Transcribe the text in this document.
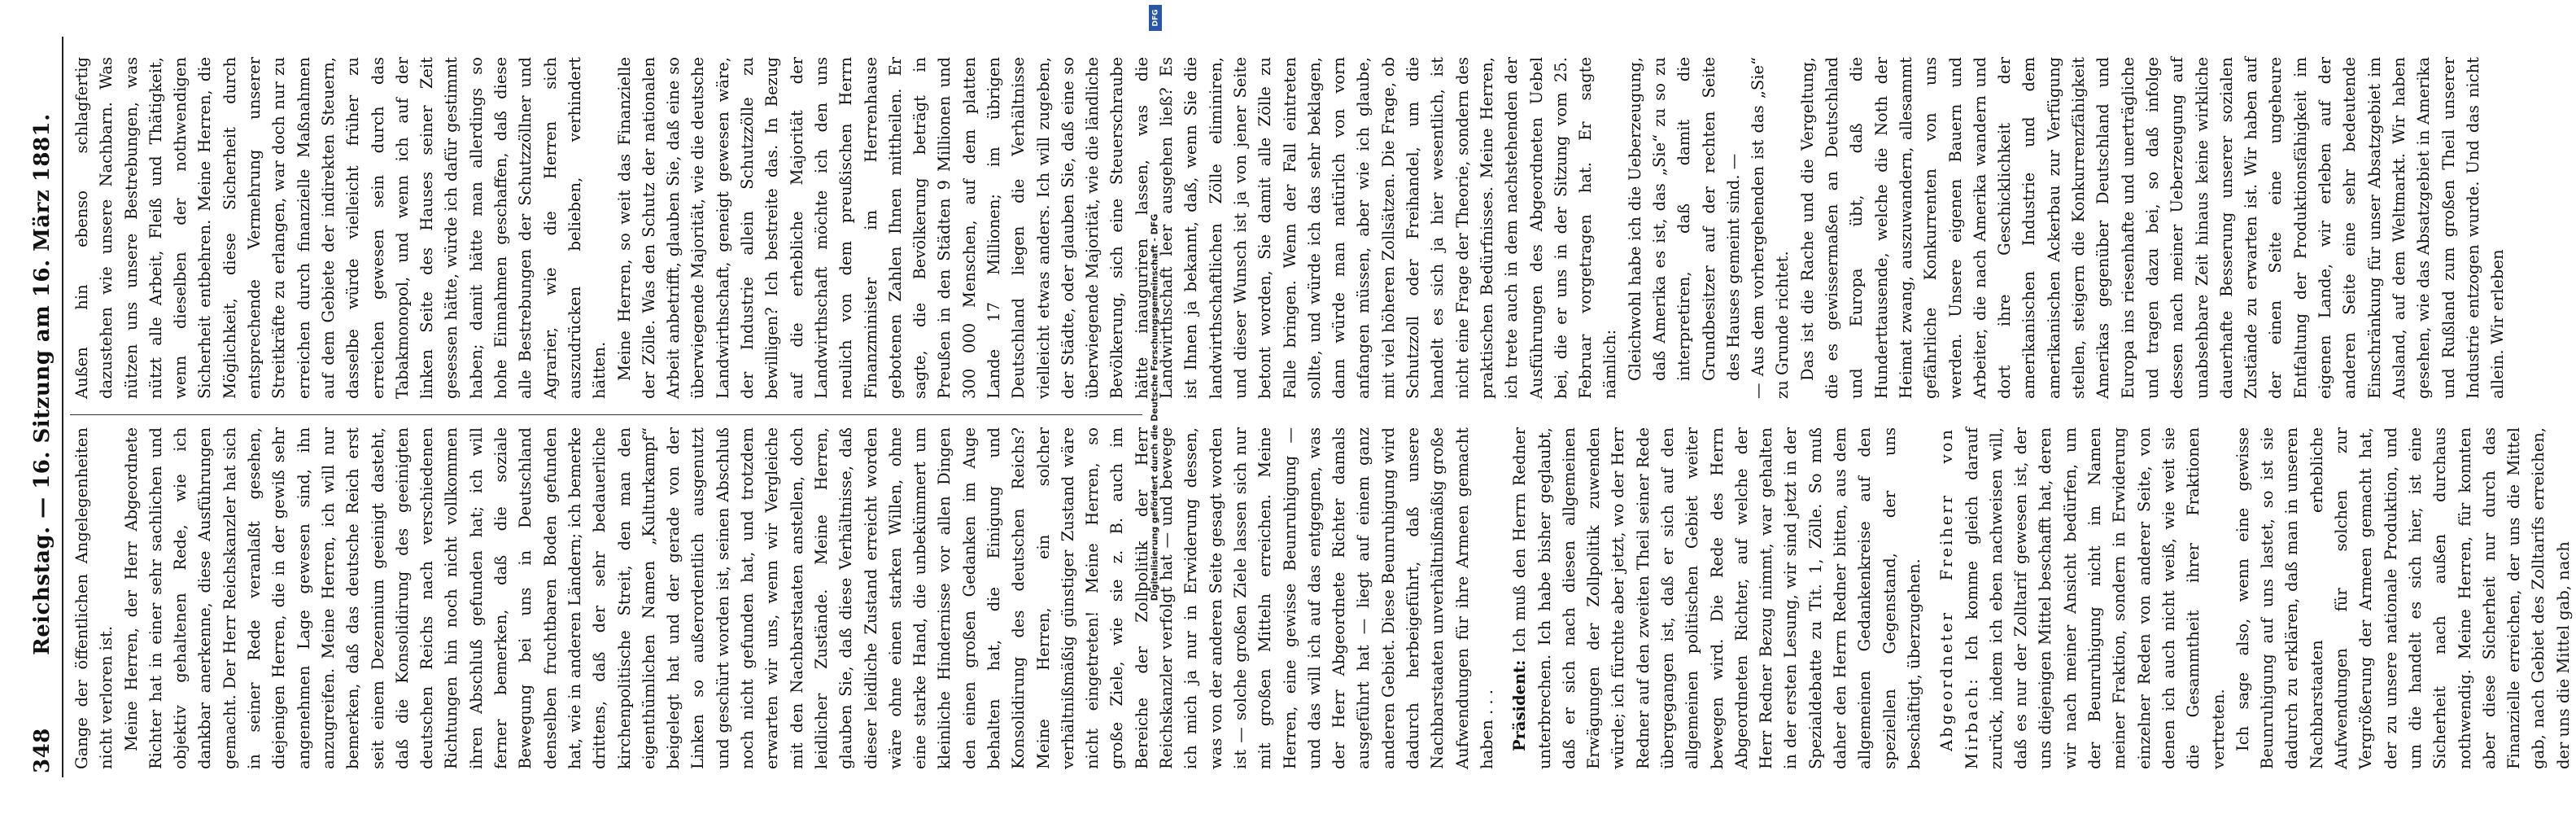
348
Reichstag. — 16. Sitzung am 16. März 1881. Gange der öffentlichen Angelegenheiten nicht verloren ist. Meine Herren, der Herr Abgeordnete Richter hat in einer sehr sachlichen und objektiv gehaltenen Rede, wie ich dankbar anerkenne, diese Ausführungen gemacht. Der Herr Reichskanzler hat sich in seiner Rede veranlaßt gesehen, diejenigen Herren, die in der gewiß sehr angenehmen Lage gewesen sind, ihn anzugreifen. Meine Herren, ich will nur bemerken, daß das deutsche Reich erst seit einem Dezennium geeinigt dasteht, daß die Konsolidirung des geeinigten deutschen Reichs nach verschiedenen Richtungen hin noch nicht vollkommen ihren Abschluß gefunden hat; ich will ferner bemerken, daß die soziale Bewegung bei uns in Deutschland denselben fruchtbaren Boden gefunden hat, wie in anderen Ländern; ich bemerke drittens, daß der sehr bedauerliche kirchenpolitische Streit, den man den eigenthümlichen Namen „Kulturkampf“ beigelegt hat und der gerade von der Linken so außerordentlich ausgenutzt und geschürt worden ist, seinen Abschluß noch nicht gefunden hat, und trotzdem erwarten wir uns, wenn wir Vergleiche mit den Nachbarstaaten anstellen, doch leidlicher Zustände. Meine Herren, glauben Sie, daß diese Verhältnisse, daß dieser leidliche Zustand erreicht worden wäre ohne einen starken Willen, ohne eine starke Hand, die unbekümmert um kleinliche Hindernisse vor allen Dingen den einen großen Gedanken im Auge behalten hat, die Einigung und Konsolidirung des deutschen Reichs? Meine Herren, ein solcher verhältnißmäßig günstiger Zustand wäre nicht eingetreten! Meine Herren, so große Ziele, wie sie z. B. auch im Bereiche der Zollpolitik der Herr Reichskanzler verfolgt hat — und bewege ich mich ja nur in Erwiderung dessen, was von der anderen Seite gesagt worden ist — solche großen Ziele lassen sich nur mit großen Mitteln erreichen. Meine Herren, eine gewisse Beunruhigung — und das will ich auf das entgegnen, was der Herr Abgeordnete Richter damals ausgeführt hat — liegt auf einem ganz anderen Gebiet. Diese Beunruhigung wird dadurch herbeigeführt, daß unsere Nachbarstaaten unverhältnißmäßig große Aufwendungen für ihre Armeen gemacht haben . . . Präsident: Ich muß den Herrn Redner unterbrechen. Ich habe bisher geglaubt, daß er sich nach diesen allgemeinen Erwägungen der Zollpolitik zuwenden würde; ich fürchte aber jetzt, wo der Herr Redner auf den zweiten Theil seiner Rede übergegangen ist, daß er sich auf den allgemeinen politischen Gebiet weiter bewegen wird. Die Rede des Herrn Abgeordneten Richter, auf welche der Herr Redner Bezug nimmt, war gehalten in der ersten Lesung, wir sind jetzt in der Spezialdebatte zu Tit. 1, Zölle. So muß daher den Herrn Redner bitten, aus dem allgemeinen Gedankenkreise auf den speziellen Gegenstand, der uns beschäftigt, überzugehen. Abgeordneter Freiherr von Mirbach: Ich komme gleich darauf zurück, indem ich eben nachweisen will, daß es nur der Zolltarif gewesen ist, der uns diejenigen Mittel beschafft hat, deren wir nach meiner Ansicht bedürfen, um der Beunruhigung nicht im Namen meiner Fraktion, sondern in Erwiderung einzelner Reden von anderer Seite, von denen ich auch nicht weiß, wie weit sie die Gesammtheit ihrer Fraktionen vertreten. Ich sage also, wenn eine gewisse Beunruhigung auf uns lastet, so ist sie dadurch zu erklären, daß man in unseren Nachbarstaaten erhebliche Aufwendungen für solchen zur Vergrößerung der Armeen gemacht hat, der zu unsere nationale Produktion, und um die handelt es sich hier, ist eine Sicherheit nach außen durchaus nothwendig. Meine Herren, für konnten aber diese Sicherheit nur durch das Finanzielle erreichen, der uns die Mittel gab, nach Gebiet des Zolltarifs erreichen, der uns die Mittel gab, nach

Außen hin ebenso schlagfertig dazustehen wie unsere Nachbarn. Was nützen uns unsere Bestrebungen, was nützt alle Arbeit, Fleiß und Thätigkeit, wenn dieselben der nothwendigen Sicherheit entbehren. Meine Herren, die Möglichkeit, diese Sicherheit durch entsprechende Vermehrung unserer Streitkräfte zu erlangen, war doch nur zu erreichen durch finanzielle Maßnahmen auf dem Gebiete der indirekten Steuern, dasselbe würde vielleicht früher zu erreichen gewesen sein durch das Tabakmonopol, und wenn ich auf der linken Seite des Hauses seiner Zeit gesessen hätte, würde ich dafür gestimmt haben; damit hätte man allerdings so hohe Einnahmen geschaffen, daß diese alle Bestrebungen der Schutzzöllner und Agrarier, wie die Herren sich auszudrücken belieben, verhindert hätten. Meine Herren, so weit das Finanzielle der Zölle. Was den Schutz der nationalen Arbeit anbetrifft, glauben Sie, daß eine so überwiegende Majorität, wie die deutsche Landwirthschaft, geneigt gewesen wäre, der Industrie allein Schutzzölle zu bewilligen? Ich bestreite das. In Bezug auf die erhebliche Majorität der Landwirthschaft möchte ich den uns neulich von dem preußischen Herrn Finanzminister im Herrenhause gebotenen Zahlen Ihnen mittheilen. Er sagte, die Bevölkerung beträgt in Preußen in den Städten 9 Millionen und 300 000 Menschen, auf dem platten Lande 17 Millionen; im übrigen Deutschland liegen die Verhältnisse vielleicht etwas anders. Ich will zugeben, der Städte, oder glauben Sie, daß eine so überwiegende Majorität, wie die ländliche Bevölkerung, sich eine Steuerschraube hätte inauguriren lassen, was die Landwirthschaft leer ausgehen ließ? Es ist Ihnen ja bekannt, daß, wenn Sie die landwirthschaftlichen Zölle eliminiren, und dieser Wunsch ist ja von jener Seite betont worden, Sie damit alle Zölle zu Falle bringen. Wenn der Fall eintreten sollte, und würde ich das sehr beklagen, dann würde man natürlich von vorn anfangen müssen, aber wie ich glaube, mit viel höheren Zollsätzen. Die Frage, ob Schutzzoll oder Freihandel, um die handelt es sich ja hier wesentlich, ist nicht eine Frage der Theorie, sondern des praktischen Bedürfnisses. Meine Herren, ich trete auch in dem nachstehenden der Ausführungen des Abgeordneten Uebel bei, die er uns in der Sitzung vom 25. Februar vorgetragen hat. Er sagte nämlich: Gleichwohl habe ich die Ueberzeugung, daß Amerika es ist, das „Sie“ zu so zu interpretiren, daß damit die Grundbesitzer auf der rechten Seite des Hauses gemeint sind. — — Aus dem vorhergehenden ist das „Sie“ zu Grunde richtet. Das ist die Rache und die Vergeltung, die es gewissermaßen an Deutschland und Europa übt, daß die Hunderttausende, welche die Noth der Heimat zwang, auszuwandern, allesammt gefährliche Konkurrenten von uns werden. Unsere eigenen Bauern und Arbeiter, die nach Amerika wandern und dort ihre Geschicklichkeit der amerikanischen Industrie und dem amerikanischen Ackerbau zur Verfügung stellen, steigern die Konkurrenzfähigkeit Amerikas gegenüber Deutschland und Europa ins riesenhafte und unerträgliche und tragen dazu bei, so daß infolge dessen nach meiner Ueberzeugung auf unabsehbare Zeit hinaus keine wirkliche dauerhafte Besserung unserer sozialen Zustände zu erwarten ist. Wir haben auf der einen Seite eine ungeheure Entfaltung der Produktionsfähigkeit im eigenen Lande, wir erleben auf der anderen Seite eine sehr bedeutende Einschränkung für unser Absatzgebiet im Ausland, auf dem Weltmarkt. Wir haben gesehen, wie das Absatzgebiet in Amerika und Rußland zum großen Theil unserer Industrie entzogen wurde. Und das nicht allein. Wir erleben

DFG
Digitalisierung gefördert durch die Deutsche Forschungsgemeinschaft - DFG
